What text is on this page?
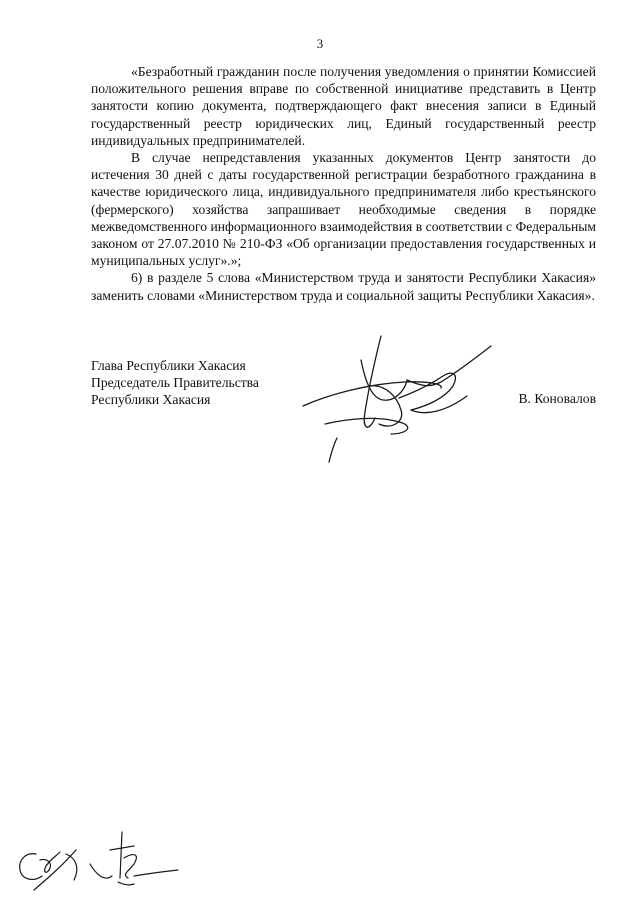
3

«Безработный гражданин после получения уведомления о принятии Комиссией положительного решения вправе по собственной инициативе представить в Центр занятости копию документа, подтверждающего факт внесения записи в Единый государственный реестр юридических лиц, Единый государственный реестр индивидуальных предпринимателей.

В случае непредставления указанных документов Центр занятости до истечения 30 дней с даты государственной регистрации безработного гражданина в качестве юридического лица, индивидуального предпринимателя либо крестьянского (фермерского) хозяйства запрашивает необходимые сведения в порядке межведомственного информационного взаимодействия в соответствии с Федеральным законом от 27.07.2010 № 210-ФЗ «Об организации предоставления государственных и муниципальных услуг».»;

6) в разделе 5 слова «Министерством труда и занятости Республики Хакасия» заменить словами «Министерством труда и социальной защиты Республики Хакасия».

Глава Республики Хакасия
Председатель Правительства
Республики Хакасия	В. Коновалов
